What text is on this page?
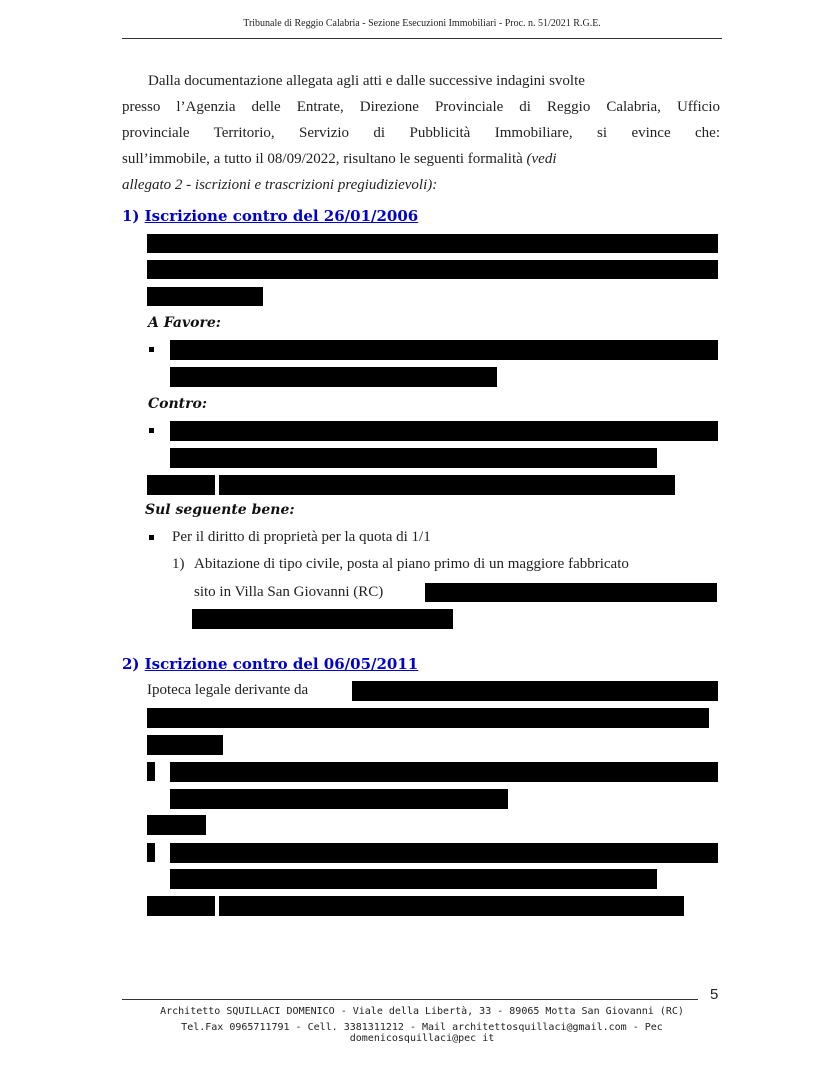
Tribunale di Reggio Calabria - Sezione Esecuzioni Immobiliari - Proc. n. 51/2021 R.G.E.
Dalla documentazione allegata agli atti e dalle successive indagini svolte
presso l’Agenzia delle Entrate, Direzione Provinciale di Reggio Calabria, Ufficio
provinciale Territorio, Servizio di Pubblicità Immobiliare, si evince che:
sull’immobile, a tutto il 08/09/2022, risultano le seguenti formalità (vedi
allegato 2 - iscrizioni e trascrizioni pregiudizievoli):
1) Iscrizione contro del 26/01/2006
A Favore:
Contro:
Sul seguente bene:
Per il diritto di proprietà per la quota di 1/1
1) Abitazione di tipo civile, posta al piano primo di un maggiore fabbricato
sito in Villa San Giovanni (RC)
2) Iscrizione contro del 06/05/2011
Ipoteca legale derivante da
5
Architetto SQUILLACI DOMENICO - Viale della Libertà, 33 - 89065 Motta San Giovanni (RC)
Tel.Fax 0965711791 - Cell. 3381311212 - Mail architettosquillaci@gmail.com - Pec domenicosquillaci@pec it
